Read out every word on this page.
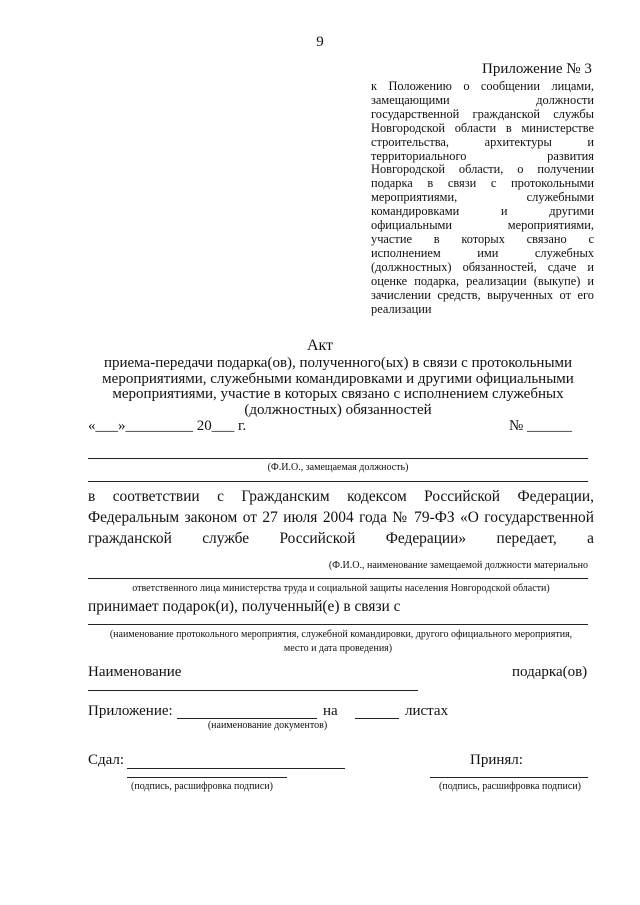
9
Приложение № 3
к Положению о сообщении лицами,
замещающими должности
государственной гражданской службы
Новгородской области в министерстве
строительства, архитектуры и
территориального развития
Новгородской области, о получении
подарка в связи с протокольными
мероприятиями, служебными
командировками и другими
официальными мероприятиями,
участие в которых связано с
исполнением ими служебных
(должностных) обязанностей, сдаче и
оценке подарка, реализации (выкупе) и
зачислении средств, вырученных от его
реализации
Акт
приема-передачи подарка(ов), полученного(ых) в связи с протокольными мероприятиями, служебными командировками и другими официальными мероприятиями, участие в которых связано с исполнением служебных (должностных) обязанностей
«___»_________ 20___ г.	№ ______
(Ф.И.О., замещаемая должность)
в соответствии с Гражданским кодексом Российской Федерации,
Федеральным законом от 27 июля 2004 года № 79-ФЗ «О государственной
гражданской службе Российской Федерации» передает, а
(Ф.И.О., наименование замещаемой должности материально
ответственного лица министерства труда и социальной защиты населения Новгородской области)
принимает подарок(и), полученный(е) в связи с
(наименование протокольного мероприятия, служебной командировки, другого официального мероприятия,
место и дата проведения)
Наименование	подарка(ов)
Приложение:	на	листах
(наименование документов)
Сдал:	Принял:
(подпись, расшифровка подписи)	(подпись, расшифровка подписи)
